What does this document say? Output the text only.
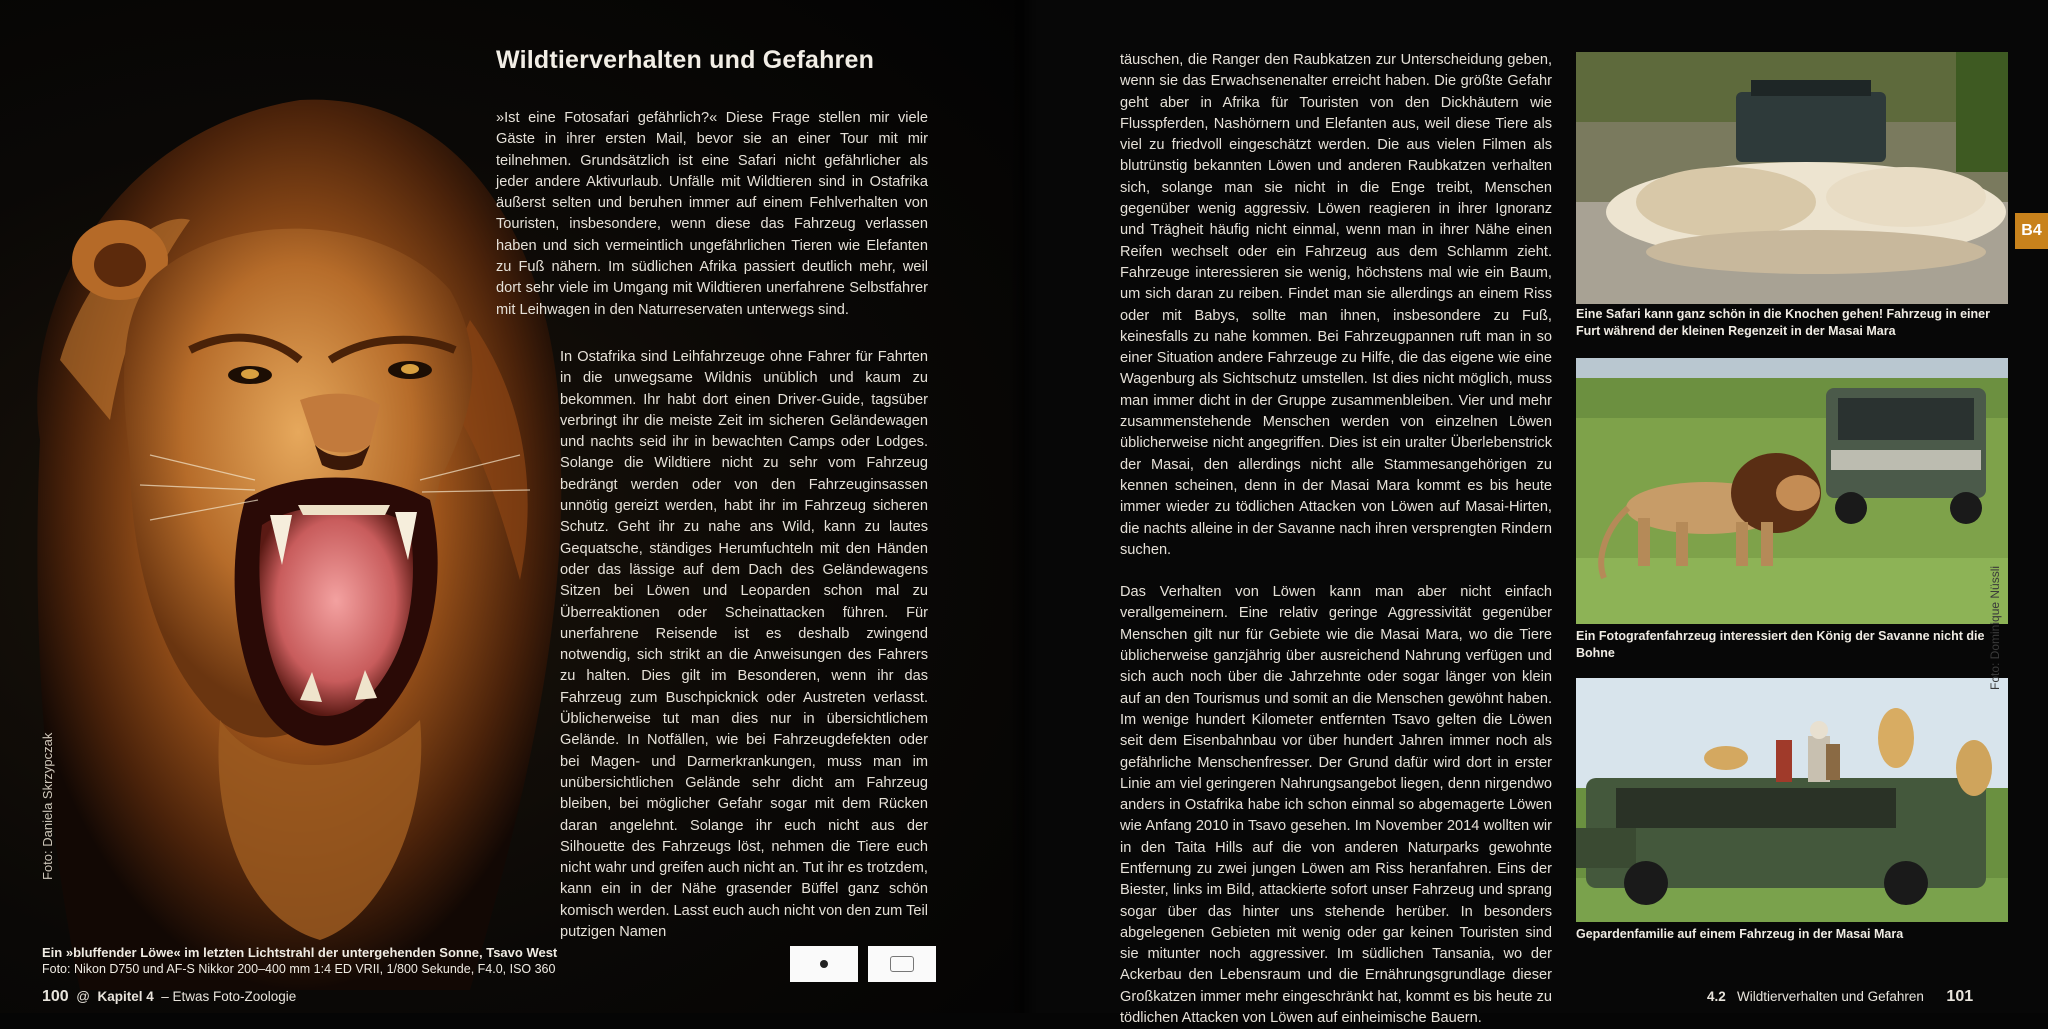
Foto: Daniela Skrzypczak
Wildtierverhalten und Gefahren

»Ist eine Fotosafari gefährlich?« Diese Frage stellen mir viele Gäste in ihrer ersten Mail, bevor sie an einer Tour mit mir teilnehmen. Grundsätzlich ist eine Safari nicht gefährlicher als jeder andere Aktivurlaub. Unfälle mit Wildtieren sind in Ostafrika äußerst selten und beruhen immer auf einem Fehlverhalten von Touristen, insbesondere, wenn diese das Fahrzeug verlassen haben und sich vermeintlich ungefährlichen Tieren wie Elefanten zu Fuß nähern. Im südlichen Afrika passiert deutlich mehr, weil dort sehr viele im Umgang mit Wildtieren unerfahrene Selbstfahrer mit Leihwagen in den Naturreservaten unterwegs sind.

In Ostafrika sind Leihfahrzeuge ohne Fahrer für Fahrten in die unwegsame Wildnis unüblich und kaum zu bekommen. Ihr habt dort einen Driver-Guide, tagsüber verbringt ihr die meiste Zeit im sicheren Geländewagen und nachts seid ihr in bewachten Camps oder Lodges. Solange die Wildtiere nicht zu sehr vom Fahrzeug bedrängt werden oder von den Fahrzeuginsassen unnötig gereizt werden, habt ihr im Fahrzeug sicheren Schutz. Geht ihr zu nahe ans Wild, kann zu lautes Gequatsche, ständiges Herumfuchteln mit den Händen oder das lässige auf dem Dach des Geländewagens Sitzen bei Löwen und Leoparden schon mal zu Überreaktionen oder Scheinattacken führen. Für unerfahrene Reisende ist es deshalb zwingend notwendig, sich strikt an die Anweisungen des Fahrers zu halten. Dies gilt im Besonderen, wenn ihr das Fahrzeug zum Buschpicknick oder Austreten verlasst. Üblicherweise tut man dies nur in übersichtlichem Gelände. In Notfällen, wie bei Fahrzeugdefekten oder bei Magen- und Darmerkrankungen, muss man im unübersichtlichen Gelände sehr dicht am Fahrzeug bleiben, bei möglicher Gefahr sogar mit dem Rücken daran angelehnt. Solange ihr euch nicht aus der Silhouette des Fahrzeugs löst, nehmen die Tiere euch nicht wahr und greifen auch nicht an. Tut ihr es trotzdem, kann ein in der Nähe grasender Büffel ganz schön komisch werden. Lasst euch auch nicht von den zum Teil putzigen Namen

Ein »bluffender Löwe« im letzten Lichtstrahl der untergehenden Sonne, Tsavo West
Foto: Nikon D750 und AF-S Nikkor 200–400 mm 1:4 ED VRII, 1/800 Sekunde, F4.0, ISO 360

100 @ Kapitel 4 – Etwas Foto-Zoologie

täuschen, die Ranger den Raubkatzen zur Unterscheidung geben, wenn sie das Erwachsenenalter erreicht haben. Die größte Gefahr geht aber in Afrika für Touristen von den Dickhäutern wie Flusspferden, Nashörnern und Elefanten aus, weil diese Tiere als viel zu friedvoll eingeschätzt werden. Die aus vielen Filmen als blutrünstig bekannten Löwen und anderen Raubkatzen verhalten sich, solange man sie nicht in die Enge treibt, Menschen gegenüber wenig aggressiv. Löwen reagieren in ihrer Ignoranz und Trägheit häufig nicht einmal, wenn man in ihrer Nähe einen Reifen wechselt oder ein Fahrzeug aus dem Schlamm zieht. Fahrzeuge interessieren sie wenig, höchstens mal wie ein Baum, um sich daran zu reiben. Findet man sie allerdings an einem Riss oder mit Babys, sollte man ihnen, insbesondere zu Fuß, keinesfalls zu nahe kommen. Bei Fahrzeugpannen ruft man in so einer Situation andere Fahrzeuge zu Hilfe, die das eigene wie eine Wagenburg als Sichtschutz umstellen. Ist dies nicht möglich, muss man immer dicht in der Gruppe zusammenbleiben. Vier und mehr zusammenstehende Menschen werden von einzelnen Löwen üblicherweise nicht angegriffen. Dies ist ein uralter Überlebenstrick der Masai, den allerdings nicht alle Stammesangehörigen zu kennen scheinen, denn in der Masai Mara kommt es bis heute immer wieder zu tödlichen Attacken von Löwen auf Masai-Hirten, die nachts alleine in der Savanne nach ihren versprengten Rindern suchen.

Das Verhalten von Löwen kann man aber nicht einfach verallgemeinern. Eine relativ geringe Aggressivität gegenüber Menschen gilt nur für Gebiete wie die Masai Mara, wo die Tiere üblicherweise ganzjährig über ausreichend Nahrung verfügen und sich auch noch über die Jahrzehnte oder sogar länger von klein auf an den Tourismus und somit an die Menschen gewöhnt haben. Im wenige hundert Kilometer entfernten Tsavo gelten die Löwen seit dem Eisenbahnbau vor über hundert Jahren immer noch als gefährliche Menschenfresser. Der Grund dafür wird dort in erster Linie am viel geringeren Nahrungsangebot liegen, denn nirgendwo anders in Ostafrika habe ich schon einmal so abgemagerte Löwen wie Anfang 2010 in Tsavo gesehen. Im November 2014 wollten wir in den Taita Hills auf die von anderen Naturparks gewohnte Entfernung zu zwei jungen Löwen am Riss heranfahren. Eins der Biester, links im Bild, attackierte sofort unser Fahrzeug und sprang sogar über das hinter uns stehende herüber. In besonders abgelegenen Gebieten mit wenig oder gar keinen Touristen sind sie mitunter noch aggressiver. Im südlichen Tansania, wo der Ackerbau den Lebensraum und die Ernährungsgrundlage dieser Großkatzen immer mehr eingeschränkt hat, kommt es bis heute zu tödlichen Attacken von Löwen auf einheimische Bauern.

Eine Safari kann ganz schön in die Knochen gehen! Fahrzeug in einer Furt während der kleinen Regenzeit in der Masai Mara
B4
Ein Fotografenfahrzeug interessiert den König der Savanne nicht die Bohne	Foto: Dominique Nüssli
Gepardenfamilie auf einem Fahrzeug in der Masai Mara
4.2 Wildtierverhalten und Gefahren 101
